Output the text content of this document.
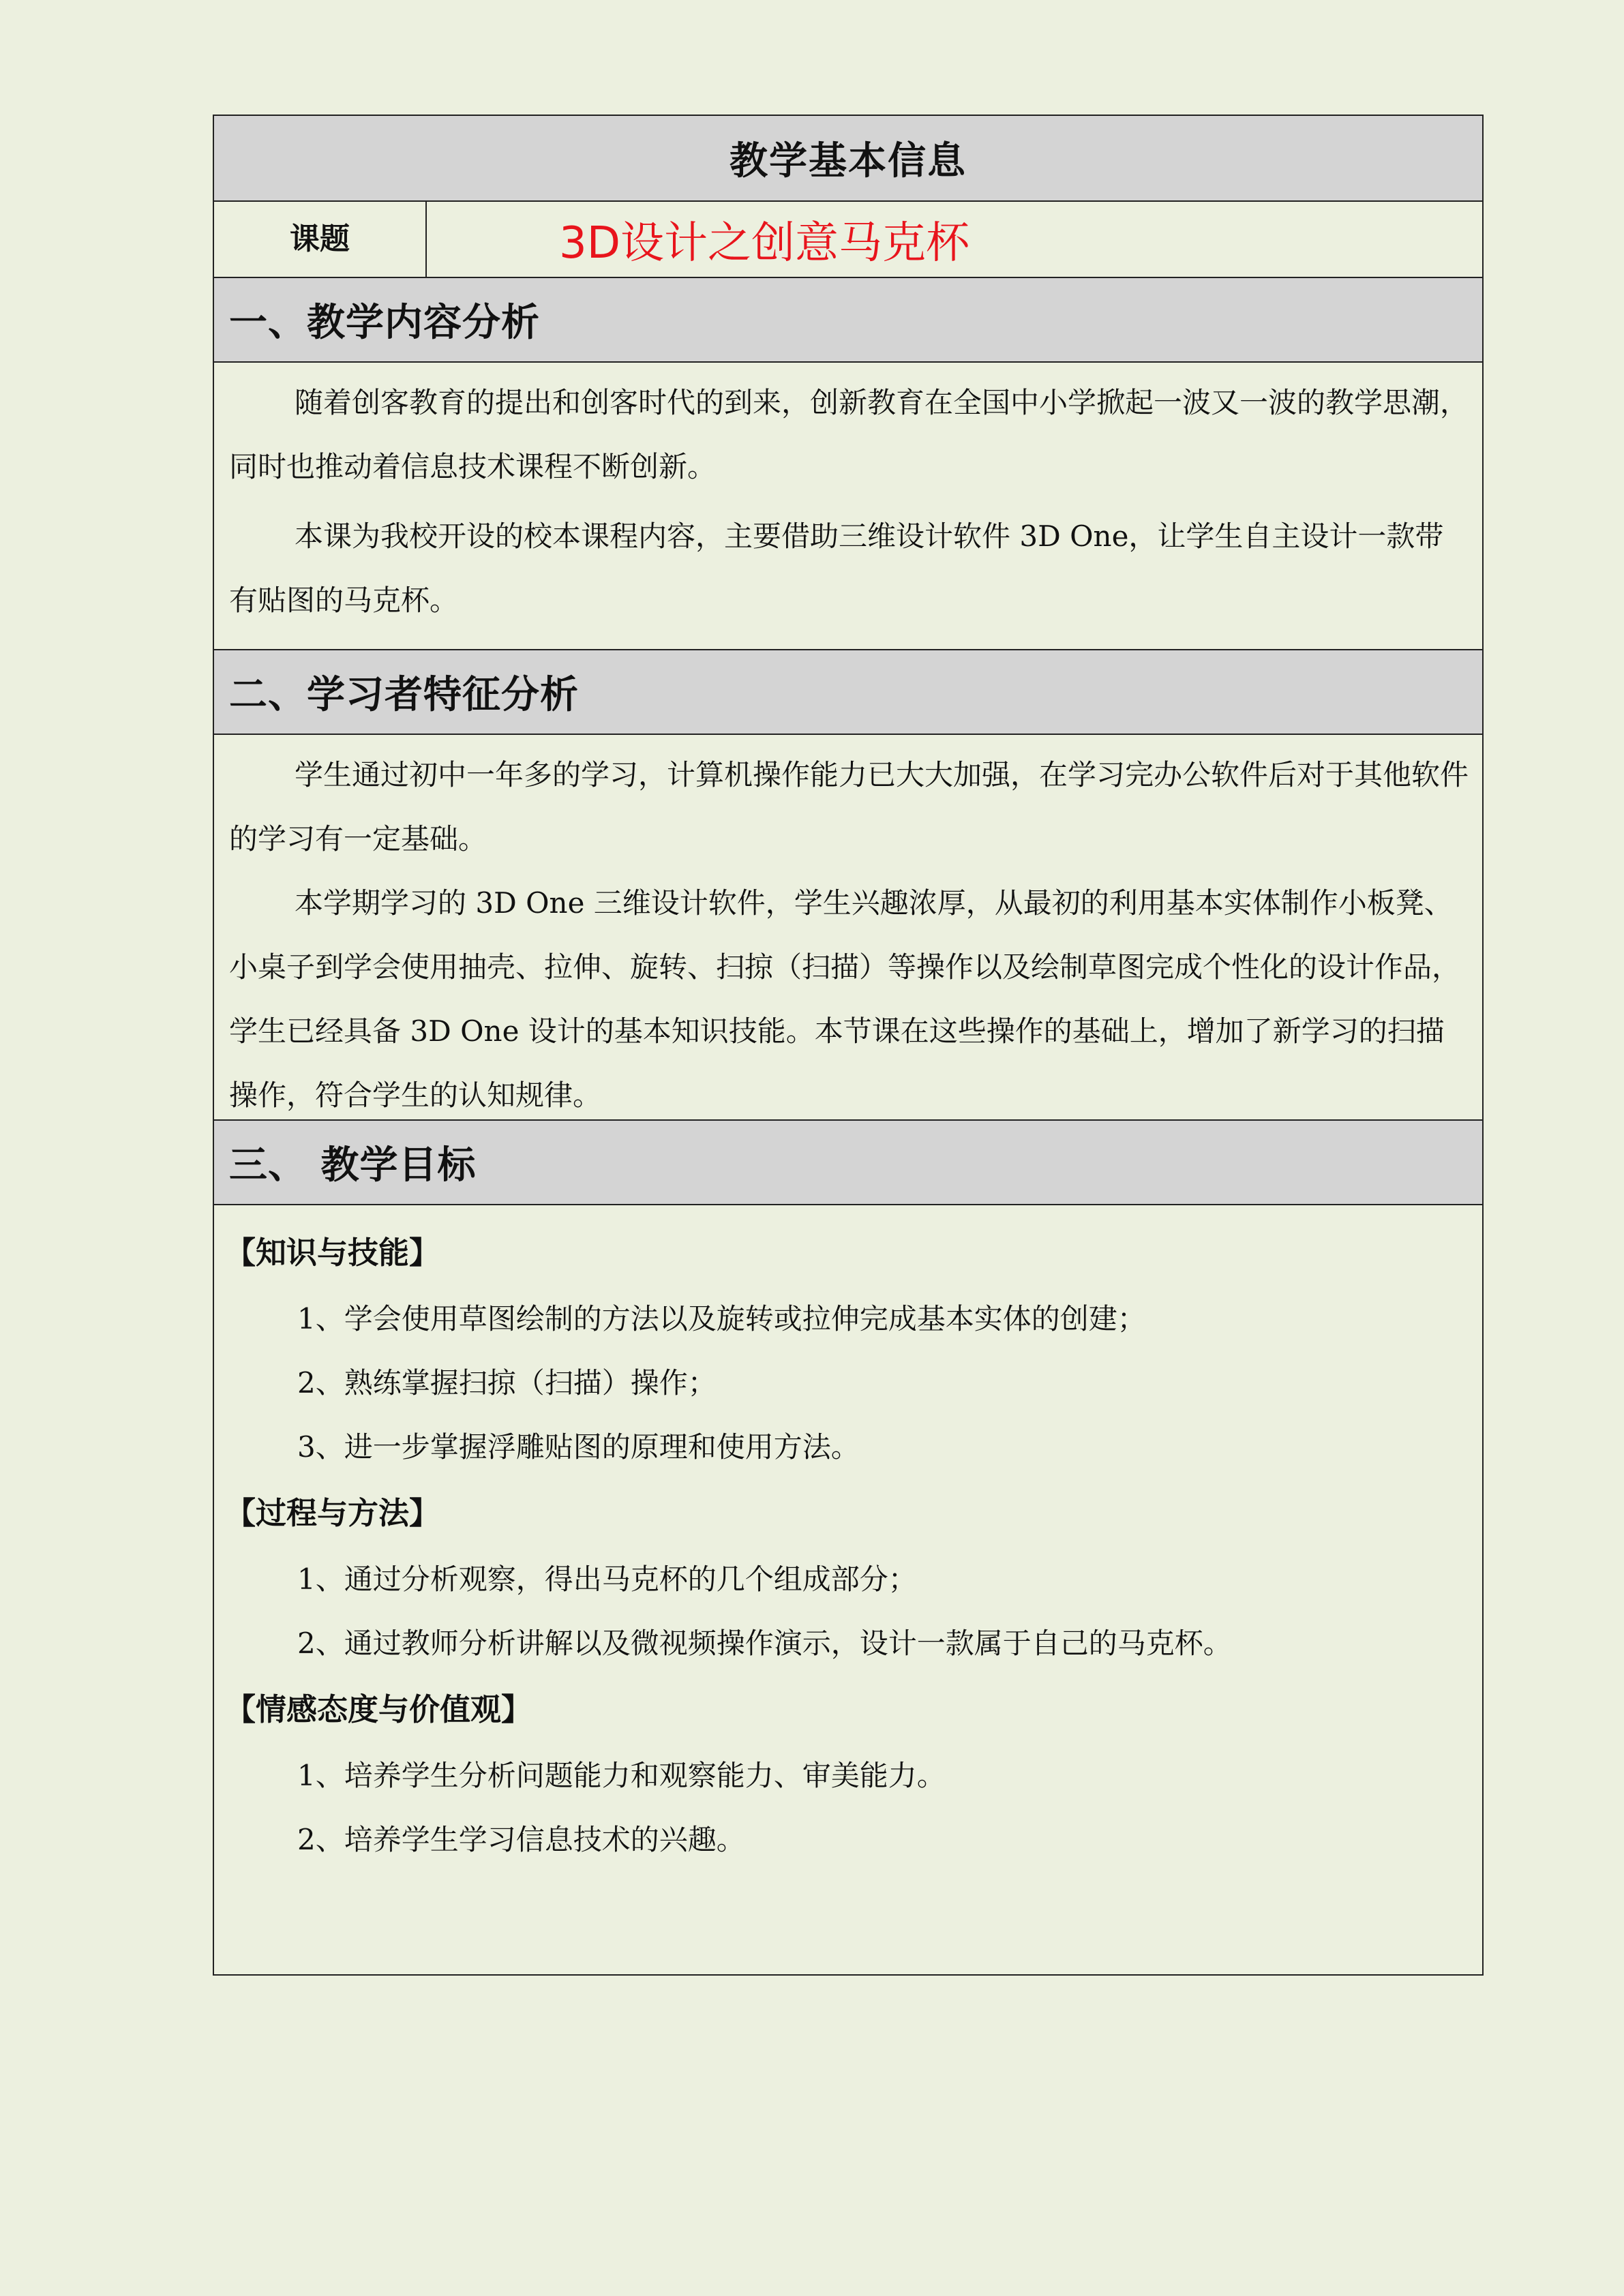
教学基本信息
课题	3D设计之创意马克杯
一、教学内容分析

随着创客教育的提出和创客时代的到来，创新教育在全国中小学掀起一波又一波的教学思潮，同时也推动着信息技术课程不断创新。

本课为我校开设的校本课程内容，主要借助三维设计软件 3D One，让学生自主设计一款带有贴图的马克杯。

二、学习者特征分析

学生通过初中一年多的学习，计算机操作能力已大大加强，在学习完办公软件后对于其他软件的学习有一定基础。

本学期学习的 3D One 三维设计软件，学生兴趣浓厚，从最初的利用基本实体制作小板凳、小桌子到学会使用抽壳、拉伸、旋转、扫掠（扫描）等操作以及绘制草图完成个性化的设计作品，学生已经具备 3D One 设计的基本知识技能。本节课在这些操作的基础上，增加了新学习的扫描操作，符合学生的认知规律。

三、 教学目标
【知识与技能】
1、学会使用草图绘制的方法以及旋转或拉伸完成基本实体的创建；
2、熟练掌握扫掠（扫描）操作；
3、进一步掌握浮雕贴图的原理和使用方法。
【过程与方法】
1、通过分析观察，得出马克杯的几个组成部分；
2、通过教师分析讲解以及微视频操作演示，设计一款属于自己的马克杯。
【情感态度与价值观】
1、培养学生分析问题能力和观察能力、审美能力。
2、培养学生学习信息技术的兴趣。
